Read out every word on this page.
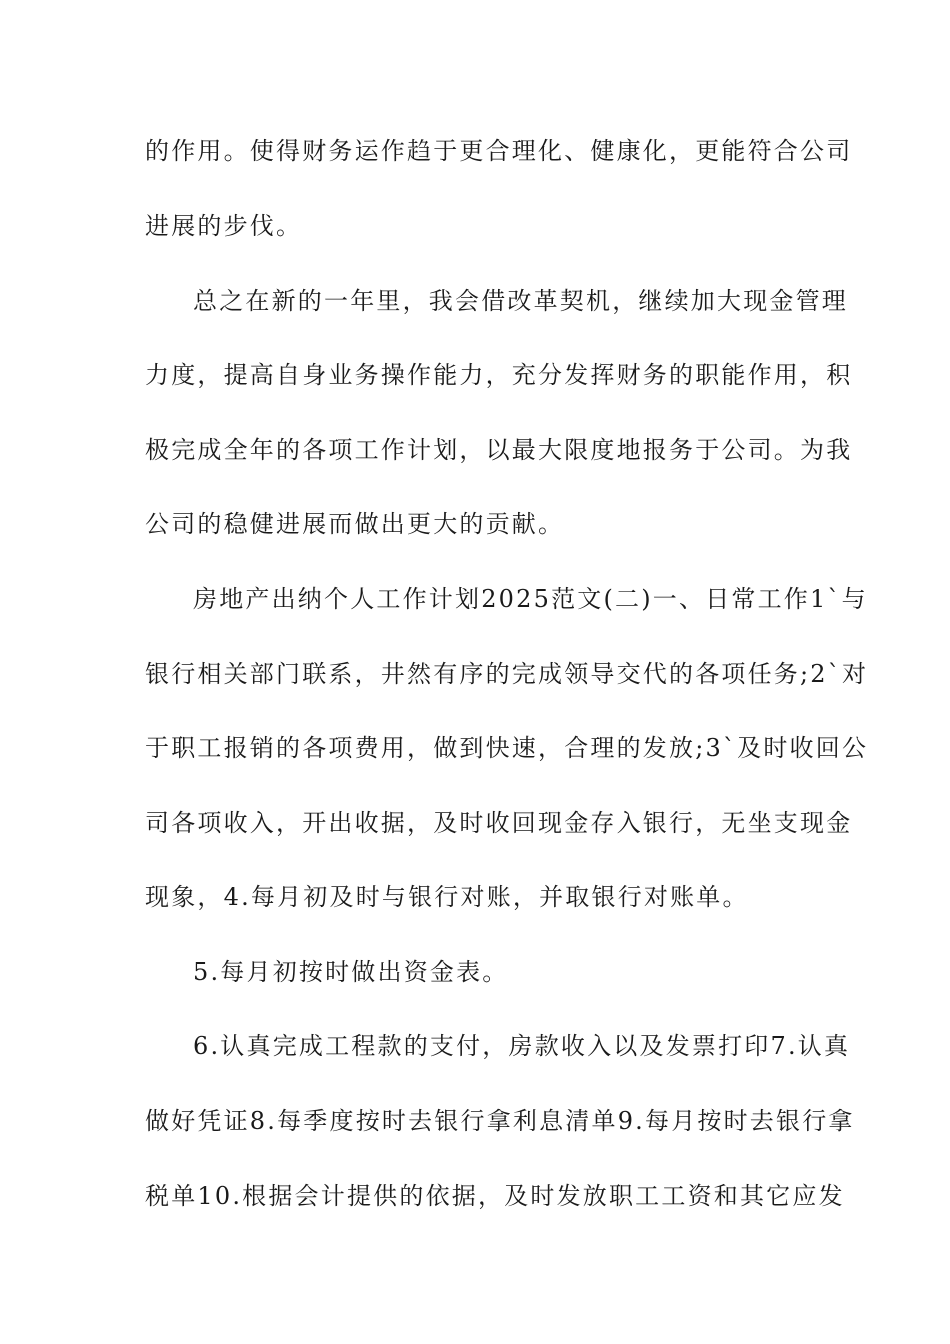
的作用。使得财务运作趋于更合理化、健康化，更能符合公司
进展的步伐。
总之在新的一年里，我会借改革契机，继续加大现金管理
力度，提高自身业务操作能力，充分发挥财务的职能作用，积
极完成全年的各项工作计划，以最大限度地报务于公司。为我
公司的稳健进展而做出更大的贡献。
房地产出纳个人工作计划2025范文(二)一、日常工作1`与
银行相关部门联系，井然有序的完成领导交代的各项任务;2`对
于职工报销的各项费用，做到快速，合理的发放;3`及时收回公
司各项收入，开出收据，及时收回现金存入银行，无坐支现金
现象，4.每月初及时与银行对账，并取银行对账单。
5.每月初按时做出资金表。
6.认真完成工程款的支付，房款收入以及发票打印7.认真
做好凭证8.每季度按时去银行拿利息清单9.每月按时去银行拿
税单10.根据会计提供的依据，及时发放职工工资和其它应发
